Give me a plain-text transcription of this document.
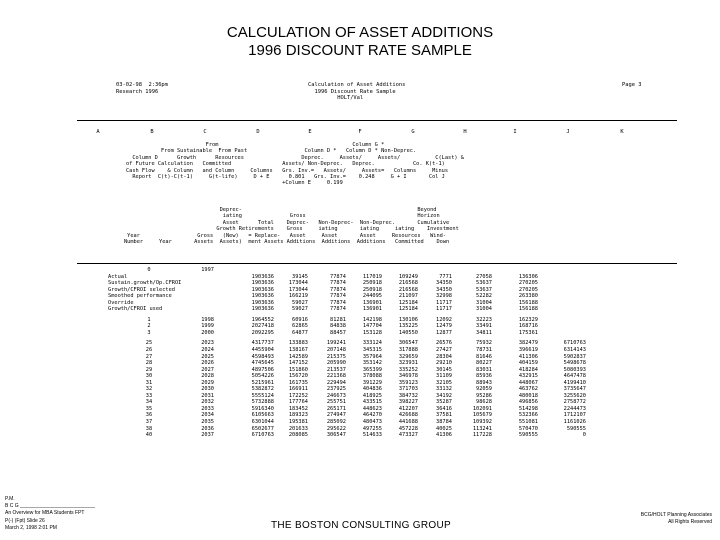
CALCULATION OF ASSET ADDITIONS
1996 DISCOUNT RATE SAMPLE
03-02-98  2:36pm
Research 1996
Calculation of Asset Additions
1996 Discount Rate Sample
HOLT/Val
Page 3
A	B	C	D	E	F	G	H	I	J	K
From                                          Column G *
From Sustainable  From Past                  Column D *   Column D * Non-Deprec.
Column D      Growth      Resources                  Deprec.     Assets/     Assets/           C(Last) &
of Future Calculation   Committed                Assets/ Non-Deprec.   Deprec.            Co. K(t-1)
Cash Flow    & Column   and Column     Columns   Grs. Inv.=   Assets/     Assets=   Columns     Minus
Report  C(t)-C(t-1)     G(t-life)     D + E      0.801   Grs. Inv.=    0.248     G + I       Col J
+Column E     0.199
Deprec-                                                       Beyond
iating               Gross                                   Horizon
Asset      Total    Deprec-   Non-Deprec-  Non-Deprec.       Cumulative
Growth Retirements    Gross     iating       iating     iating    Investment
Year                  Gross   (New)   = Replace-   Asset     Asset       Asset     Resources   Wind-
Number     Year       Assets  Assets)  ment Assets Additions  Additions  Additions   Committed    Down
0	1997									
Actual		1903636	39145	77874	117019	109249	7771	27058	136306	
Sustain.growth/Op.CFROI		1903636	173044	77874	250918	216568	34350	53637	270205	
Growth/CFROI selected		1903636	173044	77874	250918	216568	34350	53637	270205	
Smoothed performance		1903636	166219	77874	244095	211097	32998	52282	263380	
Override		1903636	59027	77874	136901	125184	11717	31004	156188	
Growth/CFROI used		1903636	59027	77874	136901	125184	11717	31004	156188	

1	1998	1964552	60916	81281	142198	130106	12092	32223	162329	
2	1999	2027418	62865	84838	147704	135225	12479	33491	168716	
3	2000	2092295	64877	88457	153128	140550	12877	34811	175361	

25	2023	4317737	133883	199241	333124	306547	26576	75932	382479	6710763
26	2024	4455904	138167	207148	345315	317888	27427	78731	396619	6314143
27	2025	4598493	142589	215375	357964	329659	28304	81646	411306	5902837
28	2026	4745645	147152	205990	353142	323931	29210	80227	404159	5498678
29	2027	4897506	151860	213537	365399	335252	30145	83031	418284	5080393
30	2028	5054226	156720	221368	378088	346978	31109	85936	432915	4647478
31	2029	5215961	161735	229494	391229	359123	32105	88943	448067	4199410
32	2030	5382872	166911	237925	404836	371703	33132	92059	463762	3735647
33	2031	5555124	172252	246673	418925	384732	34192	95286	480018	3255620
34	2032	5732888	177764	255751	433515	398227	35287	98628	496856	2758772
35	2033	5916340	183452	265171	448623	412207	36416	102091	514298	2244473
36	2034	6105663	189323	274947	464270	426688	37581	105679	532366	1712107
37	2035	6301044	195381	285092	480473	441688	38784	109392	551081	1161026
38	2036	6502677	201633	295622	497255	457228	40025	113241	570470	590555
40	2037	6710763	208085	306547	514633	473327	41306	117228	590555	0
P.M.
B C G ___________________________
An Overview for MBA Students FPT
P(-) (Fpt) Slide 26
March 2, 1998 2:01 PM	THE BOSTON CONSULTING GROUP
BCG/HOLT Planning Associates
All Rights Reserved
